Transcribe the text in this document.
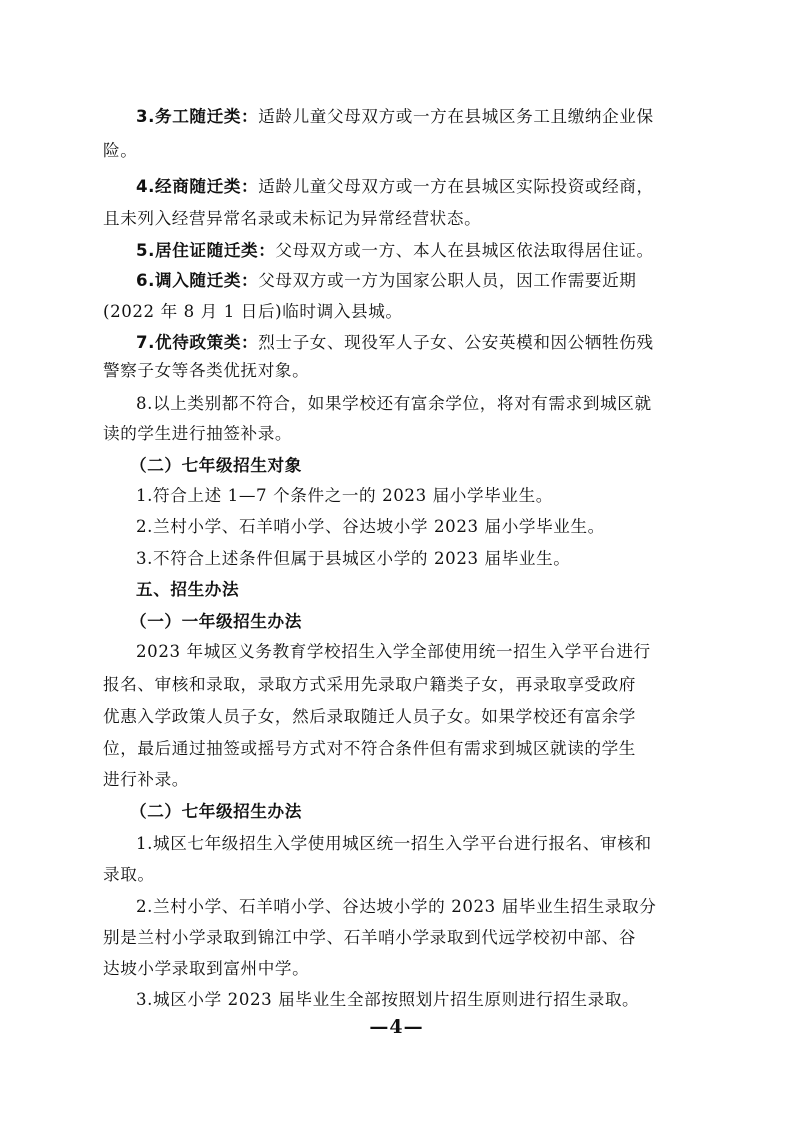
3.务工随迁类：适龄儿童父母双方或一方在县城区务工且缴纳企业保
险。
4.经商随迁类：适龄儿童父母双方或一方在县城区实际投资或经商，
且未列入经营异常名录或未标记为异常经营状态。
5.居住证随迁类：父母双方或一方、本人在县城区依法取得居住证。
6.调入随迁类：父母双方或一方为国家公职人员，因工作需要近期
(2022 年 8 月 1 日后)临时调入县城。
7.优待政策类：烈士子女、现役军人子女、公安英模和因公牺牲伤残
警察子女等各类优抚对象。
8.以上类别都不符合，如果学校还有富余学位，将对有需求到城区就
读的学生进行抽签补录。
（二）七年级招生对象
1.符合上述 1—7 个条件之一的 2023 届小学毕业生。
2.兰村小学、石羊哨小学、谷达坡小学 2023 届小学毕业生。
3.不符合上述条件但属于县城区小学的 2023 届毕业生。
五、招生办法
（一）一年级招生办法
2023 年城区义务教育学校招生入学全部使用统一招生入学平台进行
报名、审核和录取，录取方式采用先录取户籍类子女，再录取享受政府
优惠入学政策人员子女，然后录取随迁人员子女。如果学校还有富余学
位，最后通过抽签或摇号方式对不符合条件但有需求到城区就读的学生
进行补录。
（二）七年级招生办法
1.城区七年级招生入学使用城区统一招生入学平台进行报名、审核和
录取。
2.兰村小学、石羊哨小学、谷达坡小学的 2023 届毕业生招生录取分
别是兰村小学录取到锦江中学、石羊哨小学录取到代远学校初中部、谷
达坡小学录取到富州中学。
3.城区小学 2023 届毕业生全部按照划片招生原则进行招生录取。
—4—
